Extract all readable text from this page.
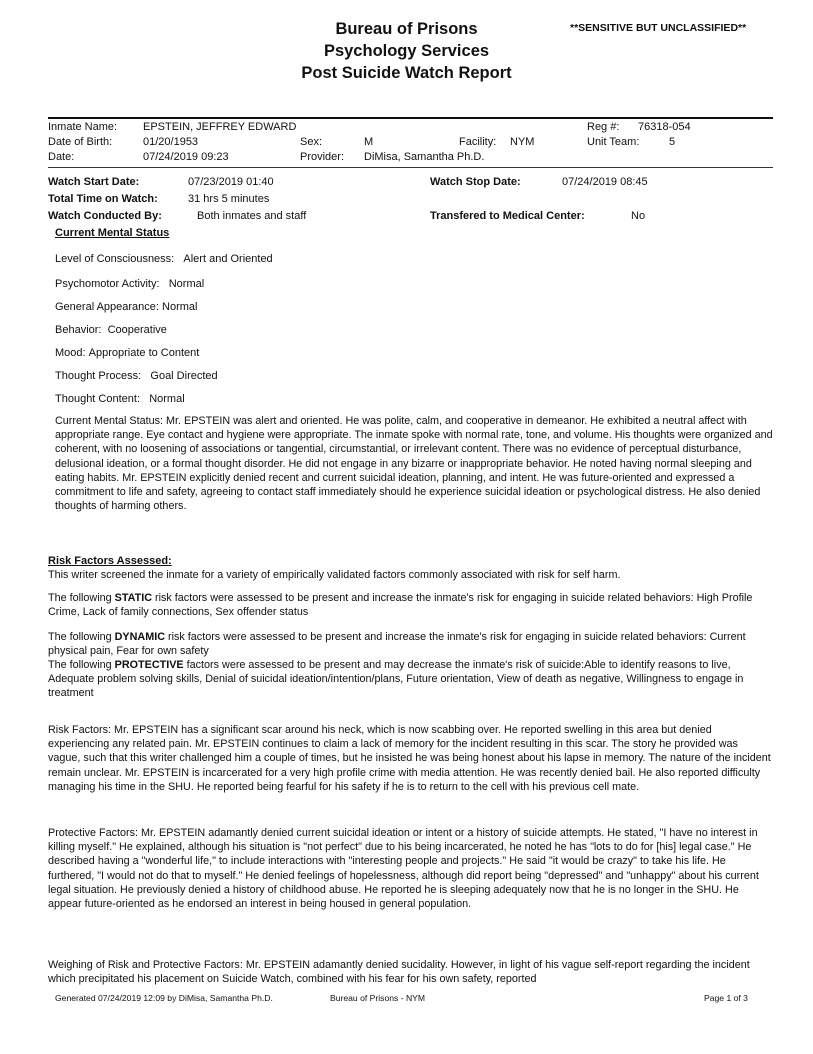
Bureau of Prisons
Psychology Services
Post Suicide Watch Report
**SENSITIVE BUT UNCLASSIFIED**
Inmate Name: EPSTEIN, JEFFREY EDWARD	Reg #: 76318-054
Date of Birth:	01/20/1953	Sex:	M	Facility: NYM	Unit Team:	5
Date:	07/24/2019 09:23	Provider: DiMisa, Samantha Ph.D.
Watch Start Date:	07/23/2019 01:40	Watch Stop Date:	07/24/2019 08:45
Total Time on Watch:	31 hrs 5 minutes
Watch Conducted By:	Both inmates and staff	Transfered to Medical Center:	No
Current Mental Status
Level of Consciousness: Alert and Oriented
Psychomotor Activity: Normal
General Appearance: Normal
Behavior: Cooperative
Mood: Appropriate to Content
Thought Process: Goal Directed
Thought Content: Normal
Current Mental Status: Mr. EPSTEIN was alert and oriented. He was polite, calm, and cooperative in demeanor. He exhibited a neutral affect with appropriate range. Eye contact and hygiene were appropriate. The inmate spoke with normal rate, tone, and volume. His thoughts were organized and coherent, with no loosening of associations or tangential, circumstantial, or irrelevant content. There was no evidence of perceptual disturbance, delusional ideation, or a formal thought disorder. He did not engage in any bizarre or inappropriate behavior. He noted having normal sleeping and eating habits. Mr. EPSTEIN explicitly denied recent and current suicidal ideation, planning, and intent. He was future-oriented and expressed a commitment to life and safety, agreeing to contact staff immediately should he experience suicidal ideation or psychological distress. He also denied thoughts of harming others.
Risk Factors Assessed:
This writer screened the inmate for a variety of empirically validated factors commonly associated with risk for self harm.
The following STATIC risk factors were assessed to be present and increase the inmate's risk for engaging in suicide related behaviors: High Profile Crime, Lack of family connections, Sex offender status
The following DYNAMIC risk factors were assessed to be present and increase the inmate's risk for engaging in suicide related behaviors: Current physical pain, Fear for own safety
The following PROTECTIVE factors were assessed to be present and may decrease the inmate's risk of suicide:Able to identify reasons to live, Adequate problem solving skills, Denial of suicidal ideation/intention/plans, Future orientation, View of death as negative, Willingness to engage in treatment
Risk Factors: Mr. EPSTEIN has a significant scar around his neck, which is now scabbing over. He reported swelling in this area but denied experiencing any related pain. Mr. EPSTEIN continues to claim a lack of memory for the incident resulting in this scar. The story he provided was vague, such that this writer challenged him a couple of times, but he insisted he was being honest about his lapse in memory. The nature of the incident remain unclear. Mr. EPSTEIN is incarcerated for a very high profile crime with media attention. He was recently denied bail. He also reported difficulty managing his time in the SHU. He reported being fearful for his safety if he is to return to the cell with his previous cell mate.
Protective Factors: Mr. EPSTEIN adamantly denied current suicidal ideation or intent or a history of suicide attempts. He stated, "I have no interest in killing myself." He explained, although his situation is "not perfect" due to his being incarcerated, he noted he has "lots to do for [his] legal case." He described having a "wonderful life," to include interactions with "interesting people and projects." He said "it would be crazy" to take his life. He furthered, "I would not do that to myself." He denied feelings of hopelessness, although did report being "depressed" and "unhappy" about his current legal situation. He previously denied a history of childhood abuse. He reported he is sleeping adequately now that he is no longer in the SHU. He appear future-oriented as he endorsed an interest in being housed in general population.
Weighing of Risk and Protective Factors: Mr. EPSTEIN adamantly denied sucidality. However, in light of his vague self-report regarding the incident which precipitated his placement on Suicide Watch, combined with his fear for his own safety, reported
Generated 07/24/2019 12:09 by DiMisa, Samantha Ph.D.	Bureau of Prisons - NYM	Page 1 of 3
